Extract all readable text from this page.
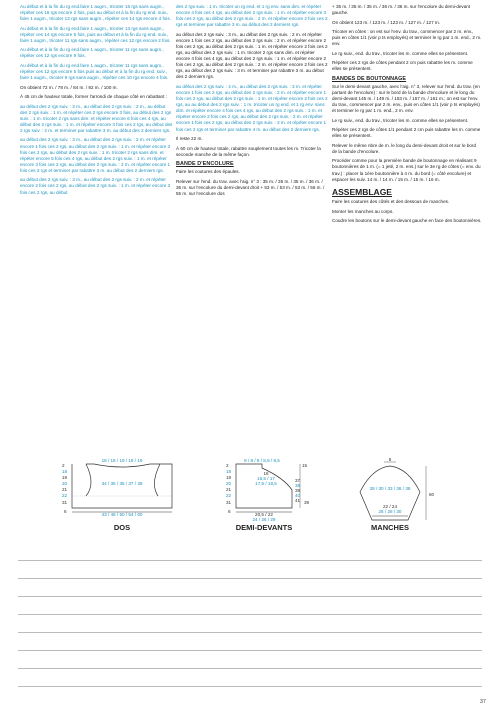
Au début et à la fin du rg end.faire 1 augm., tricoter 16 rgs sans augm., répéter ces 16 rgs encore 2 fois, puis au début et à la fin du rg end. suiv., faire 1 augm., tricoter 13 rgs sans augm., répéter ces 14 rgs encore 4 fois.

Au début et à la fin du rg end.faire 1 augm., tricoter 13 rgs sans augm., répéter ces 14 rgs encore 5 fois, puis au début et à la fin du rg end. suiv., faire 1 augm., tricoter 11 rgs sans augm., répéter ces 12 rgs encore 2 fois.

Au début et à la fin du rg end.faire 1 augm., tricoter 11 rgs sans augm., répéter ces 12 rgs encore 9 fois.

Au début et à la fin du rg end.faire 1 augm., tricoter 11 rgs sans augm., répéter ces 12 rgs encore 5 fois puis au début et à la fin du rg end. suiv., faire 1 augm., tricoter 9 rgs sans augm., répéter ces 10 rgs encore 4 fois.

On obtient 72 m. / 78 m. / 84 m. / 92 m. / 100 m.

À 45 cm de hauteur totale, former l'arrondi de chaque côté en rabattant :

au début des 2 rgs suiv. : 3 m., au début des 2 rgs suiv. : 2 m., au début des 2 rgs suiv. : 1 m. et répéter ces 2 rgs encore 3 fois, au début des 2 rgs suiv. : 1 m. tricoter 2 rgs sans dim. et répéter encore 6 fois ces 4 rgs, au début des 2 rgs suiv. : 1 m. et répéter encore 3 fois ces 2 rgs, au début des 2 rgs suiv. : 2 m. et terminer par rabattre 3 m. au début des 2 derniers rgs.

au début des 2 rgs suiv. : 3 m., au début des 2 rgs suiv. : 2 m. et répéter encore 1 fois ces 2 rgs, au début des 2 rgs suiv. : 1 m. et répéter encore 3 fois ces 2 rgs, au début des 2 rgs suiv. : 1 m. tricoter 2 rgs sans dim. et répéter encore 5 fois ces 4 rgs, au début des 2 rgs suiv. : 1 m. et répéter encore 3 fois ces 2 rgs, au début des 2 rgs suiv. : 2 m. et répéter encore 1 fois ces 2 rgs et terminer par rabattre 3 m. au début des 2 derniers rgs.

au début des 2 rgs suiv. : 3 m., au début des 2 rgs suiv. : 2 m. et répéter encore 2 fois ces 2 rgs, au début des 2 rgs suiv. : 1 m. et répéter encore 3 fois ces 2 rgs, au début

des 2 rgs suiv. : 1 m. tricoter un rg end. et 1 rg env. sans dim. et répéter encore 4 fois ces 4 rgs, au début des 2 rgs suiv. : 1 m. et répéter encore 3 fois ces 2 rgs, au début des 2 rgs suiv. : 2 m. et répéter encore 2 fois ces 2 rgs et terminer par rabattre 3 m. au début des 2 derniers rgs.

au début des 2 rgs suiv. : 3 m., au début des 2 rgs suiv. : 2 m. et répéter encore 1 fois ces 2 rgs, au début des 2 rgs suiv. : 2 m. et répéter encore 2 fois ces 2 rgs, au début des 2 rgs suiv. : 1 m. et répéter encore 2 fois ces 2 rgs, au début des 2 rgs suiv. : 1 m. tricoter 2 rgs sans dim. et répéter encore 4 fois ces 4 rgs, au début des 2 rgs suiv. : 1 m. et répéter encore 2 fois ces 2 rgs, au début des 2 rgs suiv. : 2 m. et répéter encore 2 fois ces 2 rgs, au début des 2 rgs suiv. : 3 m. et terminer par rabattre 3 m. au début des 2 derniers rgs.

au début des 2 rgs suiv. : 4 m., au début des 2 rgs suiv. : 3 m. et répéter encore 1 fois ces 2 rgs, au début des 2 rgs suiv. : 2 m. et répéter encore 1 fois ces 2 rgs, au début des 2 rgs suiv. : 1 m. et répéter encore 2 fois ces 2 rgs, au au début des 2 rgs suiv. : 1 m. tricoter un rg end. et 1 rg env. sans dim. et répéter encore 4 fois ces 4 rgs, au début des 2 rgs suiv. : 1 m. et répéter encore 2 fois ces 2 rgs, au début des 2 rgs suiv. : 2 m. et répéter encore 1 fois ces 2 rgs, au début des 2 rgs suiv. : 3 m. et répéter encore 1 fois ces 2 rgs et terminer par rabattre 4 m. au début des 2 derniers rgs.

Il reste 22 m.

À 60 cm de hauteur totale, rabattre souplement toutes les m. Tricoter la seconde manche de la même façon.

BANDE D'ENCOLURE

Faire les coutures des épaules.

Relever sur l'end. du trav. avec l'aig. n° 3 : 35 m. / 35 m. / 35 m. / 36 m. / 36 m. sur l'encolure du demi-devant droit + 53 m. / 53 m. / 53 m. / 55 m. / 55 m. sur l'encolure dos

+ 35 m. / 35 m. / 35 m. / 36 m. / 36 m. sur l'encolure du demi-devant gauche.

On obtient 123 m. / 123 m. / 123 m. / 127 m. / 127 m.

Tricoter en côtes : on est sur l'env. du trav., commencer par 2 m. env., puis en côtes 1/1 (voir p ts employés) et terminer le rg par 1 m. end., 2 m. env.

Le rg suiv., end. du trav., tricoter les m. comme elles se présentent.

Répéter ces 2 rgs de côtes pendant 2 cm puis rabattre les m. comme elles se présentent.

BANDES DE BOUTONNAGE

Sur le demi-devant gauche, avec l'aig. n° 3, relever sur l'end. du trav. (en partant de l'encolure) : sur le bord de la bande d'encolure et le long du demi-devant 145 m. / 149 m. / 153 m. / 157 m. / 161 m.; on est sur l'env. du trav., commencer par 2 m. env., puis en côtes 1/1 (voir p ts employés) et terminer le rg par 1 m. end., 2 m. env.

Le rg suiv., end. du trav., tricoter les m. comme elles se présentent.

Répéter ces 2 rgs de côtes 1/1 pendant 2 cm puis rabattre les m. comme elles se présentent.

Relever le même nbre de m. le long du demi-devant droit et sur le bord de la bande d'encolure.

Procéder comme pour la première bande de boutonnage en réalisant 9 boutonnières de 1 m. (= 1 jeté, 2 m. ens.) sur le 3e rg de côtes (= env. du trav.) : placer la 1ère boutonnière à 4 m. du bord (= côté encolure) et espacer les suiv. 14 m. / 14 m. / 15 m. / 15 m. / 16 m.

ASSEMBLAGE

Faire les coutures des côtés et des dessous de manches.

Monter les manches au corps.

Coudre les boutons sur le demi-devant gauche en face des boutonnières.

18 / 18 / 19 / 19 / 19
34 / 35 / 36 / 37 / 39
43 / 46 / 50 / 54 / 60
2
18
19
20
21
22
31
6
DOS
8 / 8 / 8 / 8,5 / 8,5
16
16,5 / 17
17,5 / 18,5
20,5 / 22
24 / 26 / 29
2
18
19
20
21
22
31
6
37
38
39
40
41
15
39
DEMI-DEVANTS
8
28 / 30 / 33 / 36 / 38
22 / 24
26 / 28 / 30
60
MANCHES
37
